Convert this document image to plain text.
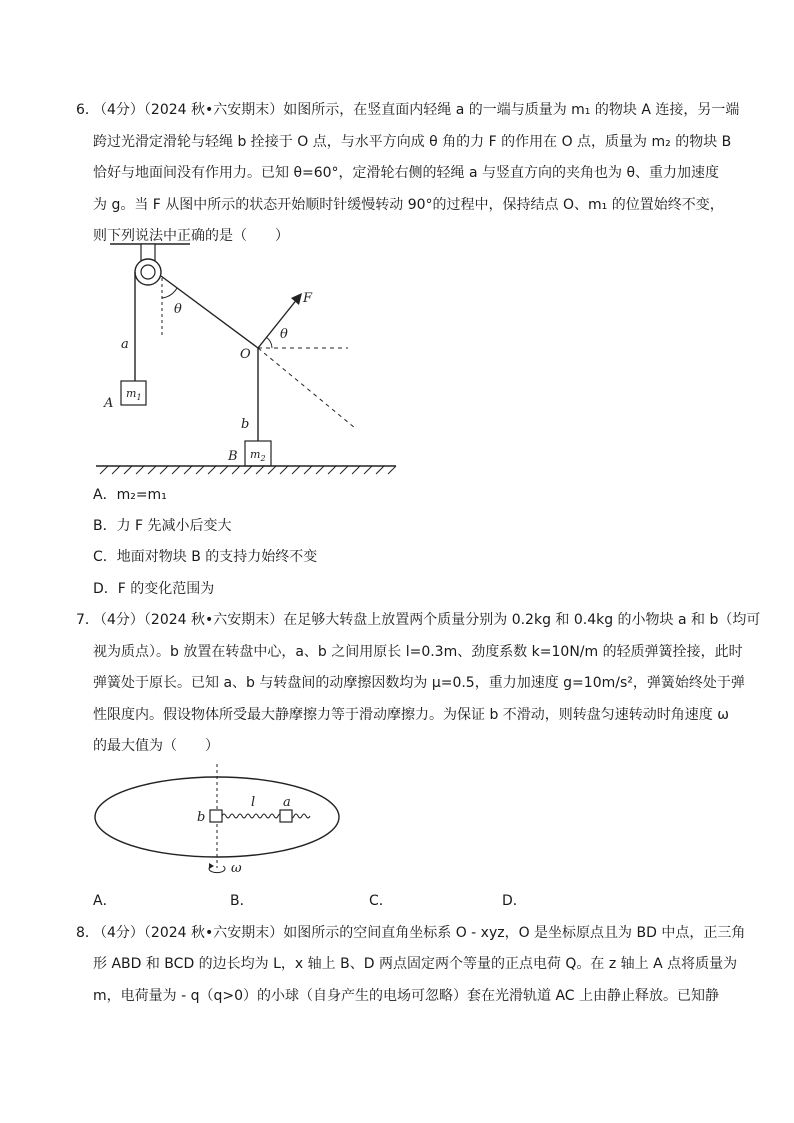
6．
（4分）（2024 秋•六安期末）如图所示，在竖直面内轻绳 a 的一端与质量为 m₁ 的物块 A 连接，另一端
跨过光滑定滑轮与轻绳 b 拴接于 O 点，与水平方向成 θ 角的力 F 的作用在 O 点，质量为 m₂ 的物块 B
恰好与地面间没有作用力。已知 θ=60°，定滑轮右侧的轻绳 a 与竖直方向的夹角也为 θ、重力加速度
为 g。当 F 从图中所示的状态开始顺时针缓慢转动 90°的过程中，保持结点 O、m₁ 的位置始终不变，
则下列说法中正确的是（　　）
θ
F
θ
O
b
a
$m_1$
A
$m_2$
B
A．m₂=m₁
B．力 F 先减小后变大
C．地面对物块 B 的支持力始终不变
D．F 的变化范围为
7．
（4分）（2024 秋•六安期末）在足够大转盘上放置两个质量分别为 0.2kg 和 0.4kg 的小物块 a 和 b（均可
视为质点）。b 放置在转盘中心，a、b 之间用原长 l=0.3m、劲度系数 k=10N/m 的轻质弹簧拴接，此时
弹簧处于原长。已知 a、b 与转盘间的动摩擦因数均为 μ=0.5，重力加速度 g=10m/s²，弹簧始终处于弹
性限度内。假设物体所受最大静摩擦力等于滑动摩擦力。为保证 b 不滑动，则转盘匀速转动时角速度 ω
的最大值为（　　）
b
l a
ω
A．	B．	C．	D．
8．
（4分）（2024 秋•六安期末）如图所示的空间直角坐标系 O - xyz，O 是坐标原点且为 BD 中点，正三角
形 ABD 和 BCD 的边长均为 L，x 轴上 B、D 两点固定两个等量的正点电荷 Q。在 z 轴上 A 点将质量为
m，电荷量为 - q（q>0）的小球（自身产生的电场可忽略）套在光滑轨道 AC 上由静止释放。已知静
